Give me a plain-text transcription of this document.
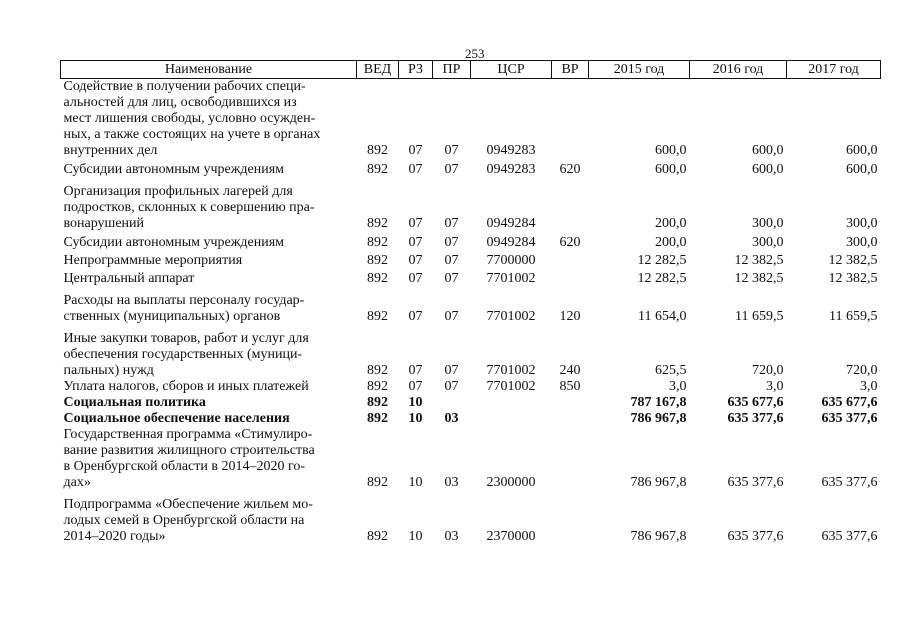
253
Наименование	ВЕД	РЗ	ПР	ЦСР	ВР	2015 год	2016 год	2017 год
Содействие в получении рабочих специ-
альностей для лиц, освободившихся из
мест лишения свободы, условно осужден-
ных, а также состоящих на учете в органах
внутренних дел	892	07	07	0949283		600,0	600,0	600,0
Субсидии автономным учреждениям	892	07	07	0949283	620	600,0	600,0	600,0
Организация профильных лагерей для
подростков, склонных к совершению пра-
вонарушений	892	07	07	0949284		200,0	300,0	300,0
Субсидии автономным учреждениям	892	07	07	0949284	620	200,0	300,0	300,0
Непрограммные мероприятия	892	07	07	7700000		12 282,5	12 382,5	12 382,5
Центральный аппарат	892	07	07	7701002		12 282,5	12 382,5	12 382,5
Расходы на выплаты персоналу государ-
ственных (муниципальных) органов	892	07	07	7701002	120	11 654,0	11 659,5	11 659,5
Иные закупки товаров, работ и услуг для
обеспечения государственных (муници-
пальных) нужд	892	07	07	7701002	240	625,5	720,0	720,0
Уплата налогов, сборов и иных платежей	892	07	07	7701002	850	3,0	3,0	3,0
Социальная политика	892	10				787 167,8	635 677,6	635 677,6
Социальное обеспечение населения	892	10	03			786 967,8	635 377,6	635 377,6
Государственная программа «Стимулиро-
вание развития жилищного строительства
в Оренбургской области в 2014–2020 го-
дах»	892	10	03	2300000		786 967,8	635 377,6	635 377,6
Подпрограмма «Обеспечение жильем мо-
лодых семей в Оренбургской области на
2014–2020 годы»	892	10	03	2370000		786 967,8	635 377,6	635 377,6
